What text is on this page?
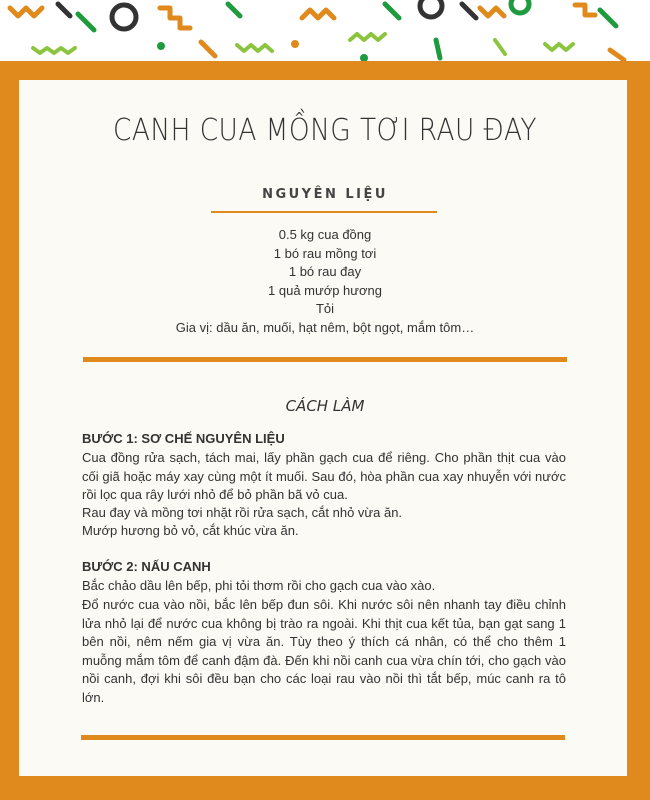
CANH CUA MỒNG TƠI RAU ĐAY
NGUYÊN LIỆU
0.5 kg cua đồng
1 bó rau mồng tơi
1 bó rau đay
1 quả mướp hương
Tỏi
Gia vị: dầu ăn, muối, hạt nêm, bột ngọt, mắm tôm…
CÁCH LÀM
BƯỚC 1: SƠ CHẾ NGUYÊN LIỆU

Cua đồng rửa sạch, tách mai, lấy phần gạch cua để riêng. Cho phần thịt cua vào cối giã hoặc máy xay cùng một ít muối. Sau đó, hòa phần cua xay nhuyễn với nước rồi lọc qua rây lưới nhỏ để bỏ phần bã vỏ cua.

Rau đay và mồng tơi nhặt rồi rửa sạch, cắt nhỏ vừa ăn.

Mướp hương bỏ vỏ, cắt khúc vừa ăn.

BƯỚC 2: NẤU CANH

Bắc chảo dầu lên bếp, phi tỏi thơm rồi cho gạch cua vào xào.

Đổ nước cua vào nồi, bắc lên bếp đun sôi. Khi nước sôi nên nhanh tay điều chỉnh lửa nhỏ lại để nước cua không bị trào ra ngoài. Khi thịt cua kết tủa, bạn gạt sang 1 bên nồi, nêm nếm gia vị vừa ăn. Tùy theo ý thích cá nhân, có thể cho thêm 1 muỗng mắm tôm để canh đậm đà. Đến khi nồi canh cua vừa chín tới, cho gạch vào nồi canh, đợi khi sôi đều bạn cho các loại rau vào nồi thì tắt bếp, múc canh ra tô lớn.
